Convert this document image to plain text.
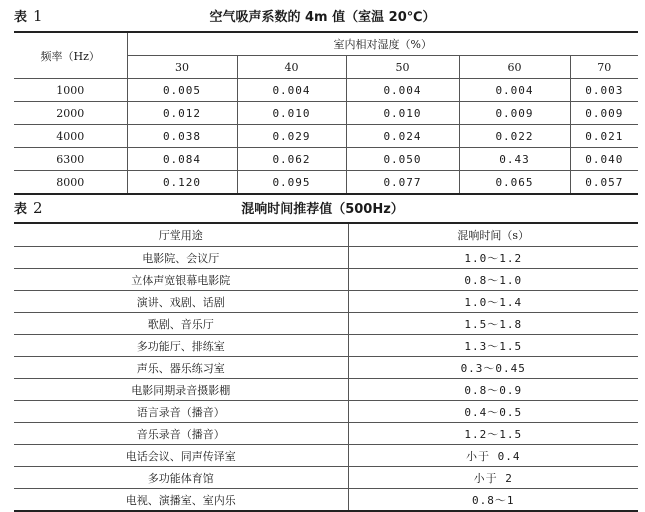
表 1	空气吸声系数的 4m 值（室温 20℃）
频率（Hz）	室内相对湿度（%）				
	30	40	50	60	70
1000	0.005	0.004	0.004	0.004	0.003
2000	0.012	0.010	0.010	0.009	0.009
4000	0.038	0.029	0.024	0.022	0.021
6300	0.084	0.062	0.050	0.43	0.040
8000	0.120	0.095	0.077	0.065	0.057
表 2	混响时间推荐值（500Hz）
厅堂用途	混响时间（s）
电影院、会议厅	1.0～1.2
立体声宽银幕电影院	0.8～1.0
演讲、戏剧、话剧	1.0～1.4
歌剧、音乐厅	1.5～1.8
多功能厅、排练室	1.3～1.5
声乐、器乐练习室	0.3～0.45
电影同期录音摄影棚	0.8～0.9
语言录音（播音）	0.4～0.5
音乐录音（播音）	1.2～1.5
电话会议、同声传译室	小于 0.4
多功能体育馆	小于 2
电视、演播室、室内乐	0.8～1
